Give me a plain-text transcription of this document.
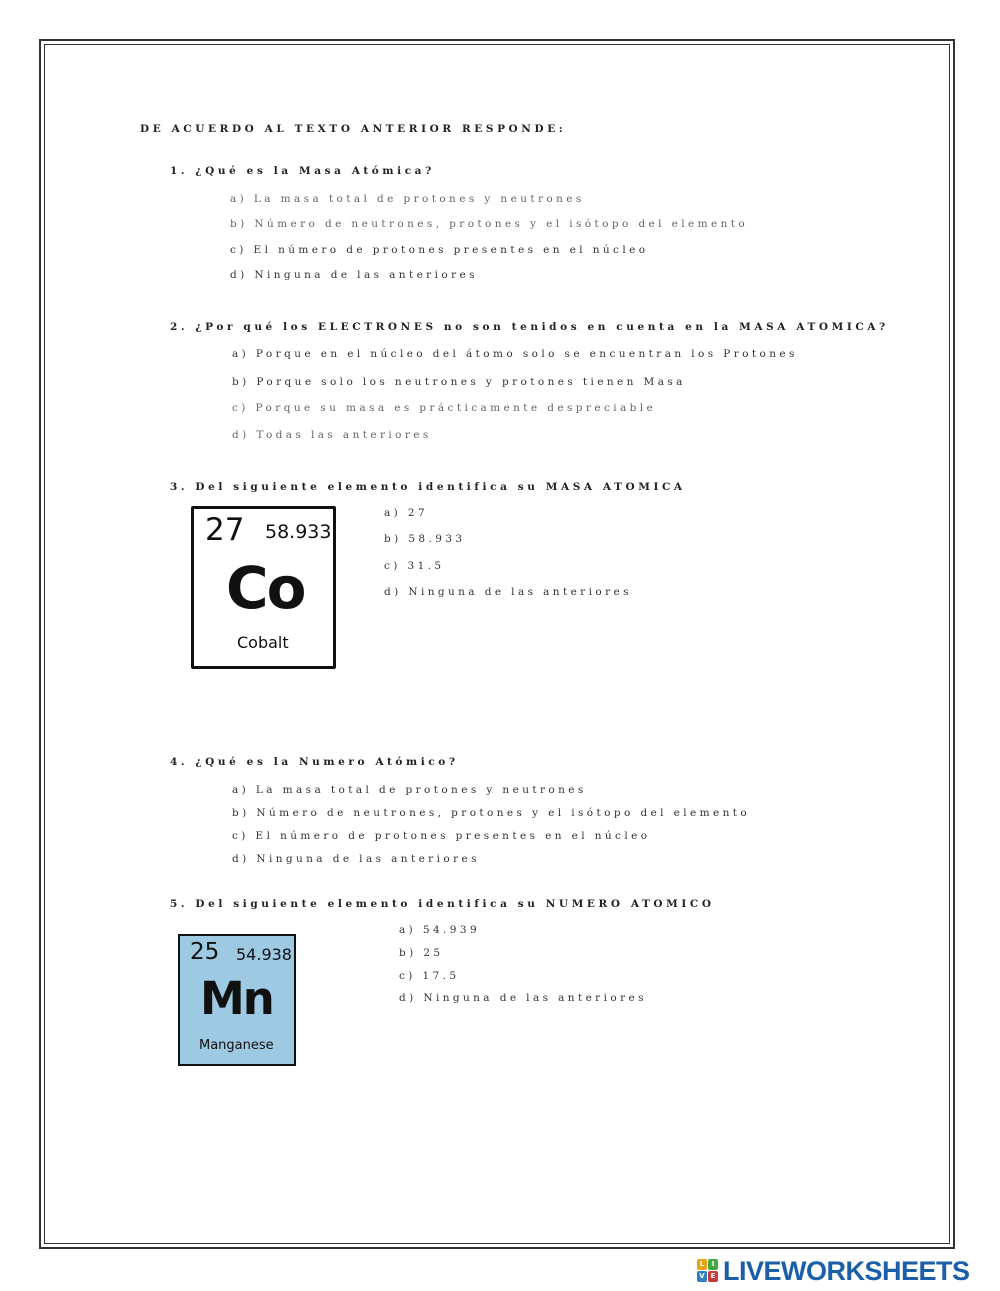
DE ACUERDO AL TEXTO ANTERIOR RESPONDE:
1. ¿Qué es la Masa Atómica?
a) La masa total de protones y neutrones
b) Número de neutrones, protones y el isótopo del elemento
c) El número de protones presentes en el núcleo
d) Ninguna de las anteriores
2. ¿Por qué los ELECTRONES no son tenidos en cuenta en la MASA ATOMICA?
a) Porque en el núcleo del átomo solo se encuentran los Protones
b) Porque solo los neutrones y protones tienen Masa
c) Porque su masa es prácticamente despreciable
d) Todas las anteriores
3. Del siguiente elemento identifica su MASA ATOMICA
27 58.933
Co
Cobalt
a) 27
b) 58.933
c) 31.5
d) Ninguna de las anteriores
4. ¿Qué es la Numero Atómico?
a) La masa total de protones y neutrones
b) Número de neutrones, protones y el isótopo del elemento
c) El número de protones presentes en el núcleo
d) Ninguna de las anteriores
5. Del siguiente elemento identifica su NUMERO ATOMICO
25 54.938
Mn
Manganese
a) 54.939
b) 25
c) 17.5
d) Ninguna de las anteriores
L	I
V E LIVEWORKSHEETS
